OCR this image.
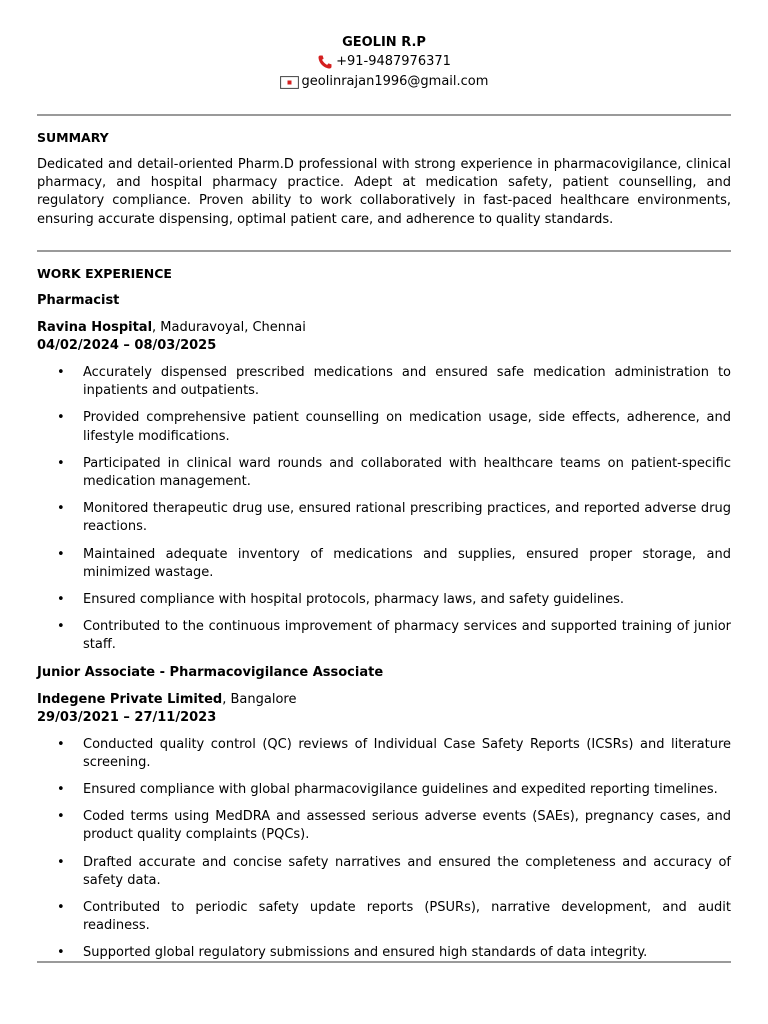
GEOLIN R.P
+91-9487976371
geolinrajan1996@gmail.com
SUMMARY
Dedicated and detail-oriented Pharm.D professional with strong experience in pharmacovigilance, clinical pharmacy, and hospital pharmacy practice. Adept at medication safety, patient counselling, and regulatory compliance. Proven ability to work collaboratively in fast-paced healthcare environments, ensuring accurate dispensing, optimal patient care, and adherence to quality standards.
WORK EXPERIENCE
Pharmacist
Ravina Hospital, Maduravoyal, Chennai
04/02/2024 – 08/03/2025
• Accurately dispensed prescribed medications and ensured safe medication administration to inpatients and outpatients.
• Provided comprehensive patient counselling on medication usage, side effects, adherence, and lifestyle modifications.
• Participated in clinical ward rounds and collaborated with healthcare teams on patient-specific medication management.
• Monitored therapeutic drug use, ensured rational prescribing practices, and reported adverse drug reactions.
• Maintained adequate inventory of medications and supplies, ensured proper storage, and minimized wastage.
• Ensured compliance with hospital protocols, pharmacy laws, and safety guidelines.
• Contributed to the continuous improvement of pharmacy services and supported training of junior staff.
Junior Associate - Pharmacovigilance Associate
Indegene Private Limited, Bangalore
29/03/2021 – 27/11/2023
• Conducted quality control (QC) reviews of Individual Case Safety Reports (ICSRs) and literature screening.
• Ensured compliance with global pharmacovigilance guidelines and expedited reporting timelines.
• Coded terms using MedDRA and assessed serious adverse events (SAEs), pregnancy cases, and product quality complaints (PQCs).
• Drafted accurate and concise safety narratives and ensured the completeness and accuracy of safety data.
• Contributed to periodic safety update reports (PSURs), narrative development, and audit readiness.
• Supported global regulatory submissions and ensured high standards of data integrity.
